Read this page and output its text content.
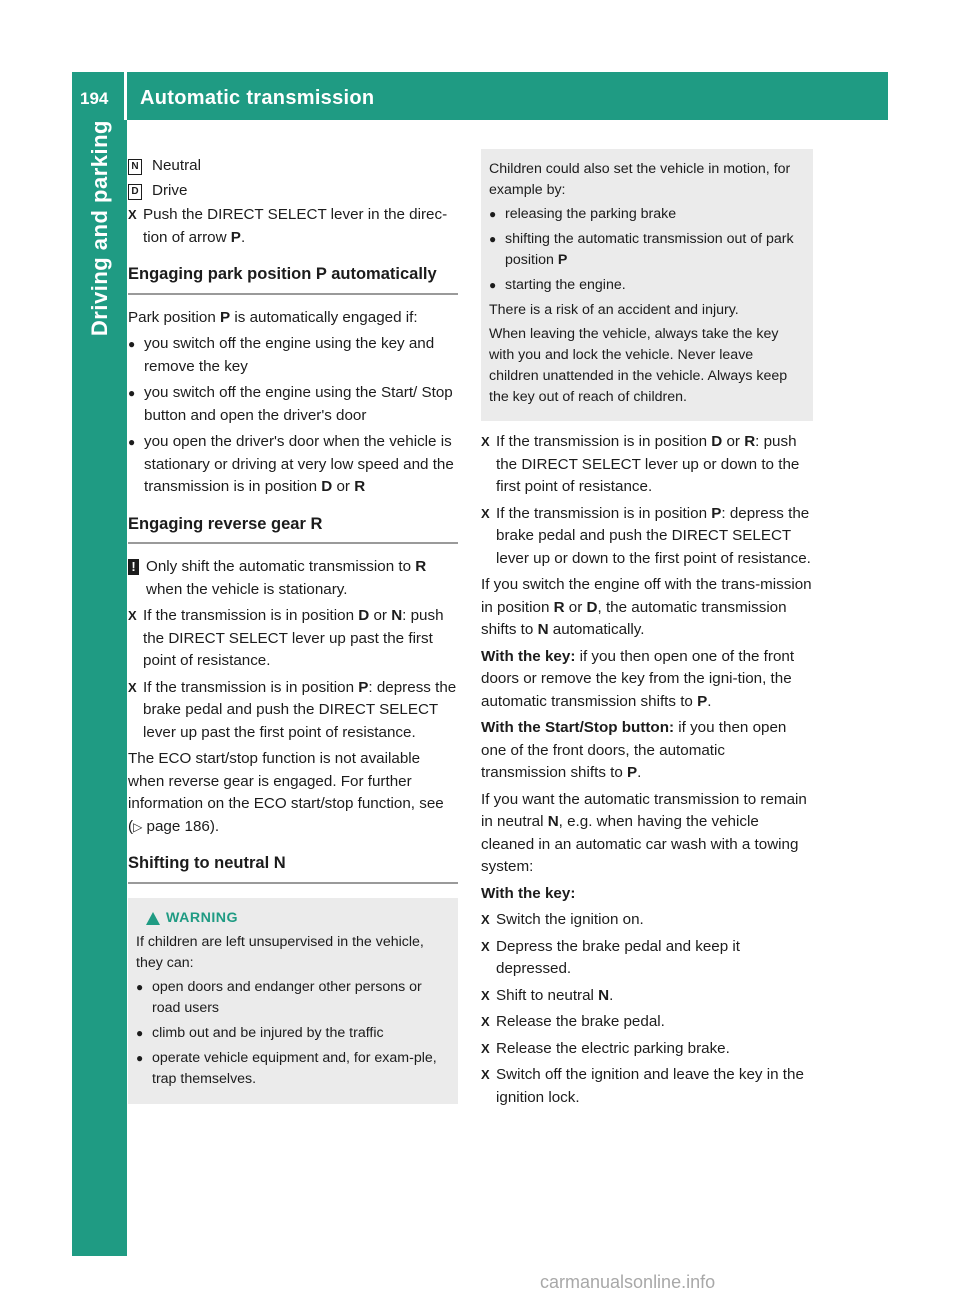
194 Automatic transmission
Driving and parking	N Neutral
D Drive
X Push the DIRECT SELECT lever in the direc-tion of arrow P.
Engaging park position P automatically

Park position P is automatically engaged if:

● you switch off the engine using the key and remove the key
● you switch off the engine using the Start/ Stop button and open the driver's door
● you open the driver's door when the vehicle is stationary or driving at very low speed and the transmission is in position D or R
Engaging reverse gear R
! Only shift the automatic transmission to R when the vehicle is stationary.
X If the transmission is in position D or N: push the DIRECT SELECT lever up past the first point of resistance.
X If the transmission is in position P: depress the brake pedal and push the DIRECT SELECT lever up past the first point of resistance.

The ECO start/stop function is not available when reverse gear is engaged. For further information on the ECO start/stop function, see (▷ page 186).

Shifting to neutral N
WARNING

If children are left unsupervised in the vehicle, they can:

● open doors and endanger other persons or road users
● climb out and be injured by the traffic
● operate vehicle equipment and, for exam-ple, trap themselves.

Children could also set the vehicle in motion, for example by:

● releasing the parking brake
● shifting the automatic transmission out of park position P
● starting the engine.

There is a risk of an accident and injury.

When leaving the vehicle, always take the key with you and lock the vehicle. Never leave children unattended in the vehicle. Always keep the key out of reach of children.

X If the transmission is in position D or R: push the DIRECT SELECT lever up or down to the first point of resistance.
X If the transmission is in position P: depress the brake pedal and push the DIRECT SELECT lever up or down to the first point of resistance.

If you switch the engine off with the trans-mission in position R or D, the automatic transmission shifts to N automatically.

With the key: if you then open one of the front doors or remove the key from the igni-tion, the automatic transmission shifts to P.

With the Start/Stop button: if you then open one of the front doors, the automatic transmission shifts to P.

If you want the automatic transmission to remain in neutral N, e.g. when having the vehicle cleaned in an automatic car wash with a towing system:

With the key:

X Switch the ignition on.
X Depress the brake pedal and keep it depressed.
X Shift to neutral N.
X Release the brake pedal.
X Release the electric parking brake.
X Switch off the ignition and leave the key in the ignition lock.
carmanualsonline.info
